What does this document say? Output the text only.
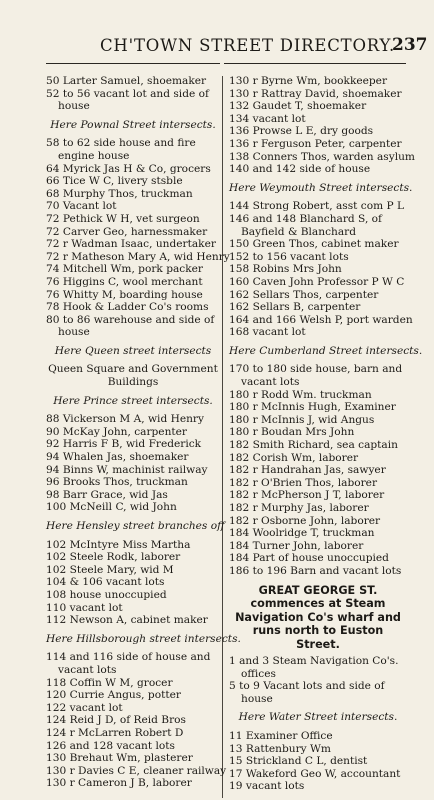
CH'TOWN STREET DIRECTORY.
237
50 Larter Samuel, shoemaker
52 to 56 vacant lot and side of house
Here Pownal Street intersects.
58 to 62 side house and fire engine house
64 Myrick Jas H & Co, grocers
66 Tice W C, livery stsble
68 Murphy Thos, truckman
70 Vacant lot
72 Pethick W H, vet surgeon
72 Carver Geo, harnessmaker
72 r Wadman Isaac, undertaker
72 r Matheson Mary A, wid Henry
74 Mitchell Wm, pork packer
76 Higgins C, wool merchant
76 Whitty M, boarding house
78 Hook & Ladder Co's rooms
80 to 86 warehouse and side of house
Here Queen street intersects
Queen Square and Government Buildings
Here Prince street intersects.
88 Vickerson M A, wid Henry
90 McKay John, carpenter
92 Harris F B, wid Frederick
94 Whalen Jas, shoemaker
94 Binns W, machinist railway
96 Brooks Thos, truckman
98 Barr Grace, wid Jas
100 McNeill C, wid John
Here Hensley street branches off
102 McIntyre Miss Martha
102 Steele Rodk, laborer
102 Steele Mary, wid M
104 & 106 vacant lots
108 house unoccupied
110 vacant lot
112 Newson A, cabinet maker
Here Hillsborough street intersects.
114 and 116 side of house and vacant lots
118 Coffin W M, grocer
120 Currie Angus, potter
122 vacant lot
124 Reid J D, of Reid Bros
124 r McLarren Robert D
126 and 128 vacant lots
130 Brehaut Wm, plasterer
130 r Davies C E, cleaner railway
130 r Cameron J B, laborer
130 r Byrne Wm, bookkeeper
130 r Rattray David, shoemaker
132 Gaudet T, shoemaker
134 vacant lot
136 Prowse L E, dry goods
136 r Ferguson Peter, carpenter
138 Conners Thos, warden asylum
140 and 142 side of house
Here Weymouth Street intersects.
144 Strong Robert, asst com P L
146 and 148 Blanchard S, of Bayfield & Blanchard
150 Green Thos, cabinet maker
152 to 156 vacant lots
158 Robins Mrs John
160 Caven John Professor P W C
162 Sellars Thos, carpenter
162 Sellars B, carpenter
164 and 166 Welsh P, port warden
168 vacant lot
Here Cumberland Street intersects.
170 to 180 side house, barn and vacant lots
180 r Rodd Wm. truckman
180 r McInnis Hugh, Examiner
180 r McInnis J, wid Angus
180 r Boudan Mrs John
182 Smith Richard, sea captain
182 Corish Wm, laborer
182 r Handrahan Jas, sawyer
182 r O'Brien Thos, laborer
182 r McPherson J T, laborer
182 r Murphy Jas, laborer
182 r Osborne John, laborer
184 Woolridge T, truckman
184 Turner John, laborer
184 Part of house unoccupied
186 to 196 Barn and vacant lots
GREAT GEORGE ST. commences at Steam Navigation Co's wharf and runs north to Euston Street.
1 and 3 Steam Navigation Co's. offices
5 to 9 Vacant lots and side of house
Here Water Street intersects.
11 Examiner Office
13 Rattenbury Wm
15 Strickland C L, dentist
17 Wakeford Geo W, accountant
19 vacant lots
